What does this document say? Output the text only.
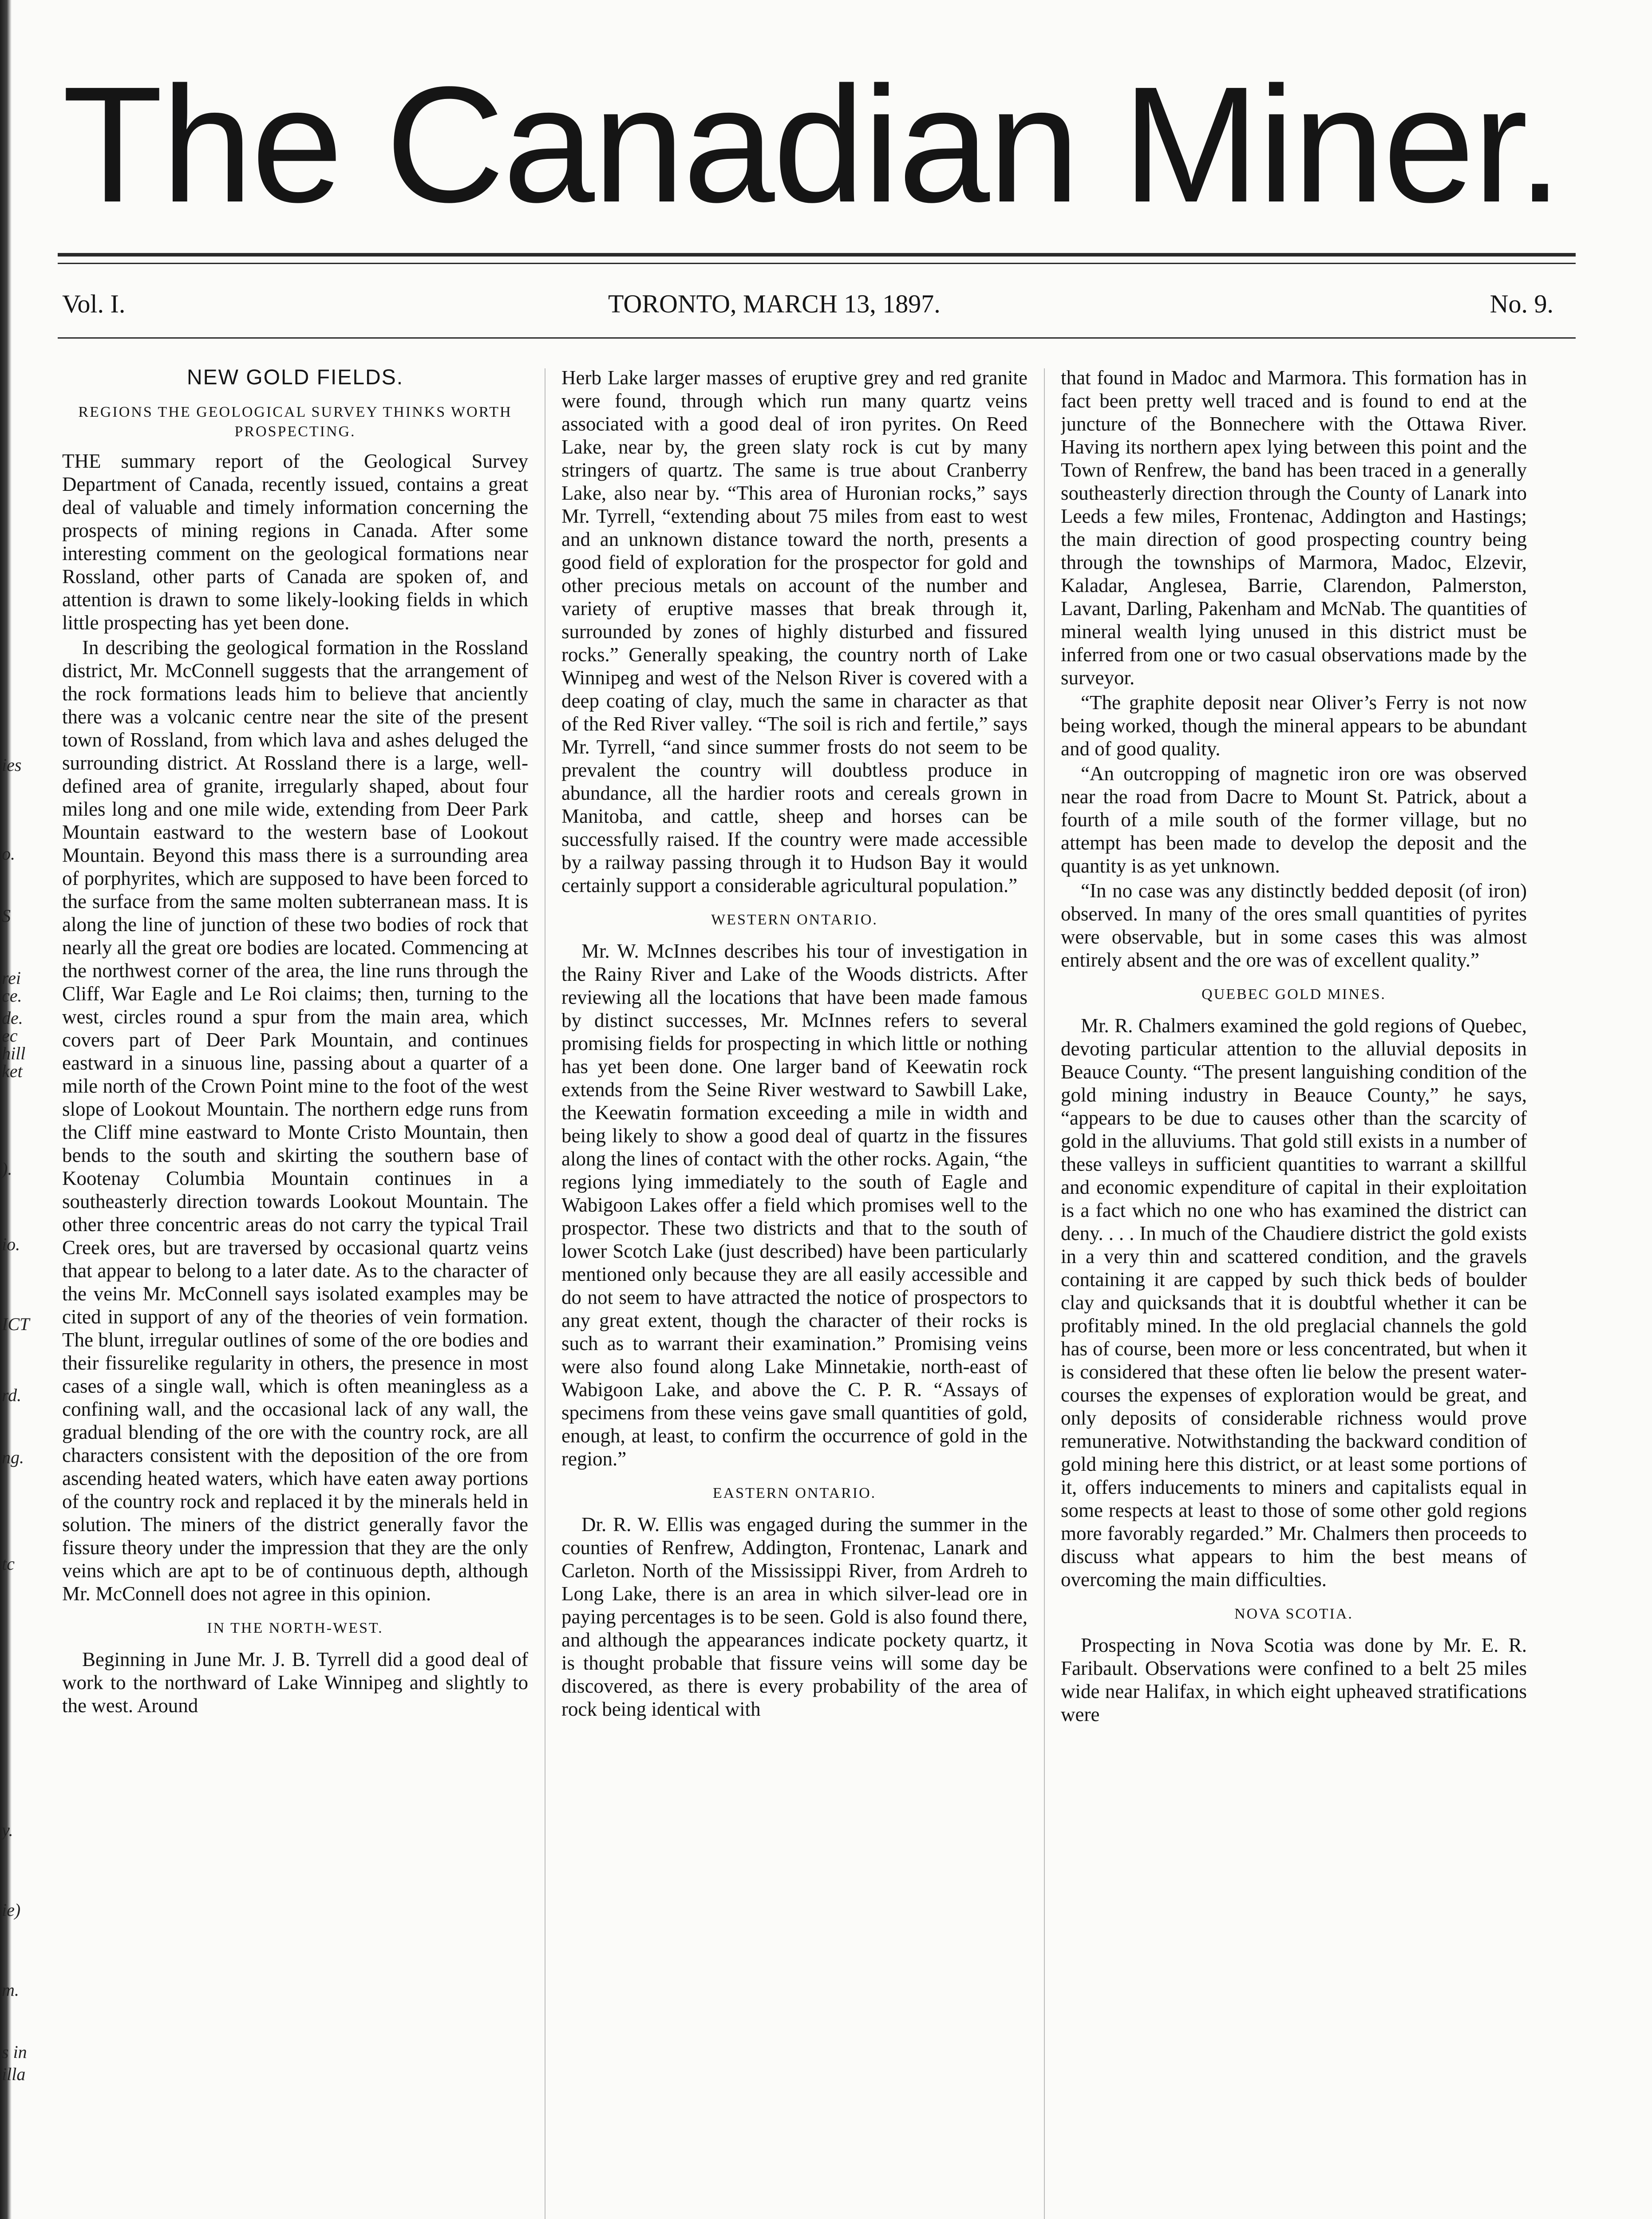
ies
o.
S
rei
ce.
de.
ec
hill
ket
).
io.
ICT
rd.
ng.
tc
y.
ie)
m.
s in
illa
The Canadian Miner.
Vol. I.	TORONTO, MARCH 13, 1897.	No. 9.
NEW GOLD FIELDS.
REGIONS THE GEOLOGICAL SURVEY THINKS WORTH PROSPECTING.

THE summary report of the Geological Survey Department of Canada, recently issued, contains a great deal of valuable and timely information concerning the prospects of mining regions in Canada. After some interesting comment on the geological formations near Rossland, other parts of Canada are spoken of, and attention is drawn to some likely-looking fields in which little prospecting has yet been done.

In describing the geological formation in the Rossland district, Mr. McConnell suggests that the arrangement of the rock formations leads him to believe that anciently there was a volcanic centre near the site of the present town of Rossland, from which lava and ashes deluged the surrounding district. At Rossland there is a large, well-defined area of granite, irregularly shaped, about four miles long and one mile wide, extending from Deer Park Mountain eastward to the western base of Lookout Mountain. Beyond this mass there is a surrounding area of porphyrites, which are supposed to have been forced to the surface from the same molten subterranean mass. It is along the line of junction of these two bodies of rock that nearly all the great ore bodies are located. Commencing at the northwest corner of the area, the line runs through the Cliff, War Eagle and Le Roi claims; then, turning to the west, circles round a spur from the main area, which covers part of Deer Park Mountain, and continues eastward in a sinuous line, passing about a quarter of a mile north of the Crown Point mine to the foot of the west slope of Lookout Mountain. The northern edge runs from the Cliff mine eastward to Monte Cristo Mountain, then bends to the south and skirting the southern base of Kootenay Columbia Mountain continues in a southeasterly direction towards Lookout Mountain. The other three concentric areas do not carry the typical Trail Creek ores, but are traversed by occasional quartz veins that appear to belong to a later date. As to the character of the veins Mr. McConnell says isolated examples may be cited in support of any of the theories of vein formation. The blunt, irregular outlines of some of the ore bodies and their fissurelike regularity in others, the presence in most cases of a single wall, which is often meaningless as a confining wall, and the occasional lack of any wall, the gradual blending of the ore with the country rock, are all characters consistent with the deposition of the ore from ascending heated waters, which have eaten away portions of the country rock and replaced it by the minerals held in solution. The miners of the district generally favor the fissure theory under the impression that they are the only veins which are apt to be of continuous depth, although Mr. McConnell does not agree in this opinion.

IN THE NORTH-WEST.

Beginning in June Mr. J. B. Tyrrell did a good deal of work to the northward of Lake Winnipeg and slightly to the west. Around

Herb Lake larger masses of eruptive grey and red granite were found, through which run many quartz veins associated with a good deal of iron pyrites. On Reed Lake, near by, the green slaty rock is cut by many stringers of quartz. The same is true about Cranberry Lake, also near by. “This area of Huronian rocks,” says Mr. Tyrrell, “extending about 75 miles from east to west and an unknown distance toward the north, presents a good field of exploration for the prospector for gold and other precious metals on account of the number and variety of eruptive masses that break through it, surrounded by zones of highly disturbed and fissured rocks.” Generally speaking, the country north of Lake Winnipeg and west of the Nelson River is covered with a deep coating of clay, much the same in character as that of the Red River valley. “The soil is rich and fertile,” says Mr. Tyrrell, “and since summer frosts do not seem to be prevalent the country will doubtless produce in abundance, all the hardier roots and cereals grown in Manitoba, and cattle, sheep and horses can be successfully raised. If the country were made accessible by a railway passing through it to Hudson Bay it would certainly support a considerable agricultural population.”

WESTERN ONTARIO.

Mr. W. McInnes describes his tour of investigation in the Rainy River and Lake of the Woods districts. After reviewing all the locations that have been made famous by distinct successes, Mr. McInnes refers to several promising fields for prospecting in which little or nothing has yet been done. One larger band of Keewatin rock extends from the Seine River westward to Sawbill Lake, the Keewatin formation exceeding a mile in width and being likely to show a good deal of quartz in the fissures along the lines of contact with the other rocks. Again, “the regions lying immediately to the south of Eagle and Wabigoon Lakes offer a field which promises well to the prospector. These two districts and that to the south of lower Scotch Lake (just described) have been particularly mentioned only because they are all easily accessible and do not seem to have attracted the notice of prospectors to any great extent, though the character of their rocks is such as to warrant their examination.” Promising veins were also found along Lake Minnetakie, north-east of Wabigoon Lake, and above the C. P. R. “Assays of specimens from these veins gave small quantities of gold, enough, at least, to confirm the occurrence of gold in the region.”

EASTERN ONTARIO.

Dr. R. W. Ellis was engaged during the summer in the counties of Renfrew, Addington, Frontenac, Lanark and Carleton. North of the Mississippi River, from Ardreh to Long Lake, there is an area in which silver-lead ore in paying percentages is to be seen. Gold is also found there, and although the appearances indicate pockety quartz, it is thought probable that fissure veins will some day be discovered, as there is every probability of the area of rock being identical with

that found in Madoc and Marmora. This formation has in fact been pretty well traced and is found to end at the juncture of the Bonnechere with the Ottawa River. Having its northern apex lying between this point and the Town of Renfrew, the band has been traced in a generally southeasterly direction through the County of Lanark into Leeds a few miles, Frontenac, Addington and Hastings; the main direction of good prospecting country being through the townships of Marmora, Madoc, Elzevir, Kaladar, Anglesea, Barrie, Clarendon, Palmerston, Lavant, Darling, Pakenham and McNab. The quantities of mineral wealth lying unused in this district must be inferred from one or two casual observations made by the surveyor.

“The graphite deposit near Oliver’s Ferry is not now being worked, though the mineral appears to be abundant and of good quality.

“An outcropping of magnetic iron ore was observed near the road from Dacre to Mount St. Patrick, about a fourth of a mile south of the former village, but no attempt has been made to develop the deposit and the quantity is as yet unknown.

“In no case was any distinctly bedded deposit (of iron) observed. In many of the ores small quantities of pyrites were observable, but in some cases this was almost entirely absent and the ore was of excellent quality.”

QUEBEC GOLD MINES.

Mr. R. Chalmers examined the gold regions of Quebec, devoting particular attention to the alluvial deposits in Beauce County. “The present languishing condition of the gold mining industry in Beauce County,” he says, “appears to be due to causes other than the scarcity of gold in the alluviums. That gold still exists in a number of these valleys in sufficient quantities to warrant a skillful and economic expenditure of capital in their exploitation is a fact which no one who has examined the district can deny. . . . In much of the Chaudiere district the gold exists in a very thin and scattered condition, and the gravels containing it are capped by such thick beds of boulder clay and quicksands that it is doubtful whether it can be profitably mined. In the old preglacial channels the gold has of course, been more or less concentrated, but when it is considered that these often lie below the present water-courses the expenses of exploration would be great, and only deposits of considerable richness would prove remunerative. Notwithstanding the backward condition of gold mining here this district, or at least some portions of it, offers inducements to miners and capitalists equal in some respects at least to those of some other gold regions more favorably regarded.” Mr. Chalmers then proceeds to discuss what appears to him the best means of overcoming the main difficulties.

NOVA SCOTIA.

Prospecting in Nova Scotia was done by Mr. E. R. Faribault. Observations were confined to a belt 25 miles wide near Halifax, in which eight upheaved stratifications were
